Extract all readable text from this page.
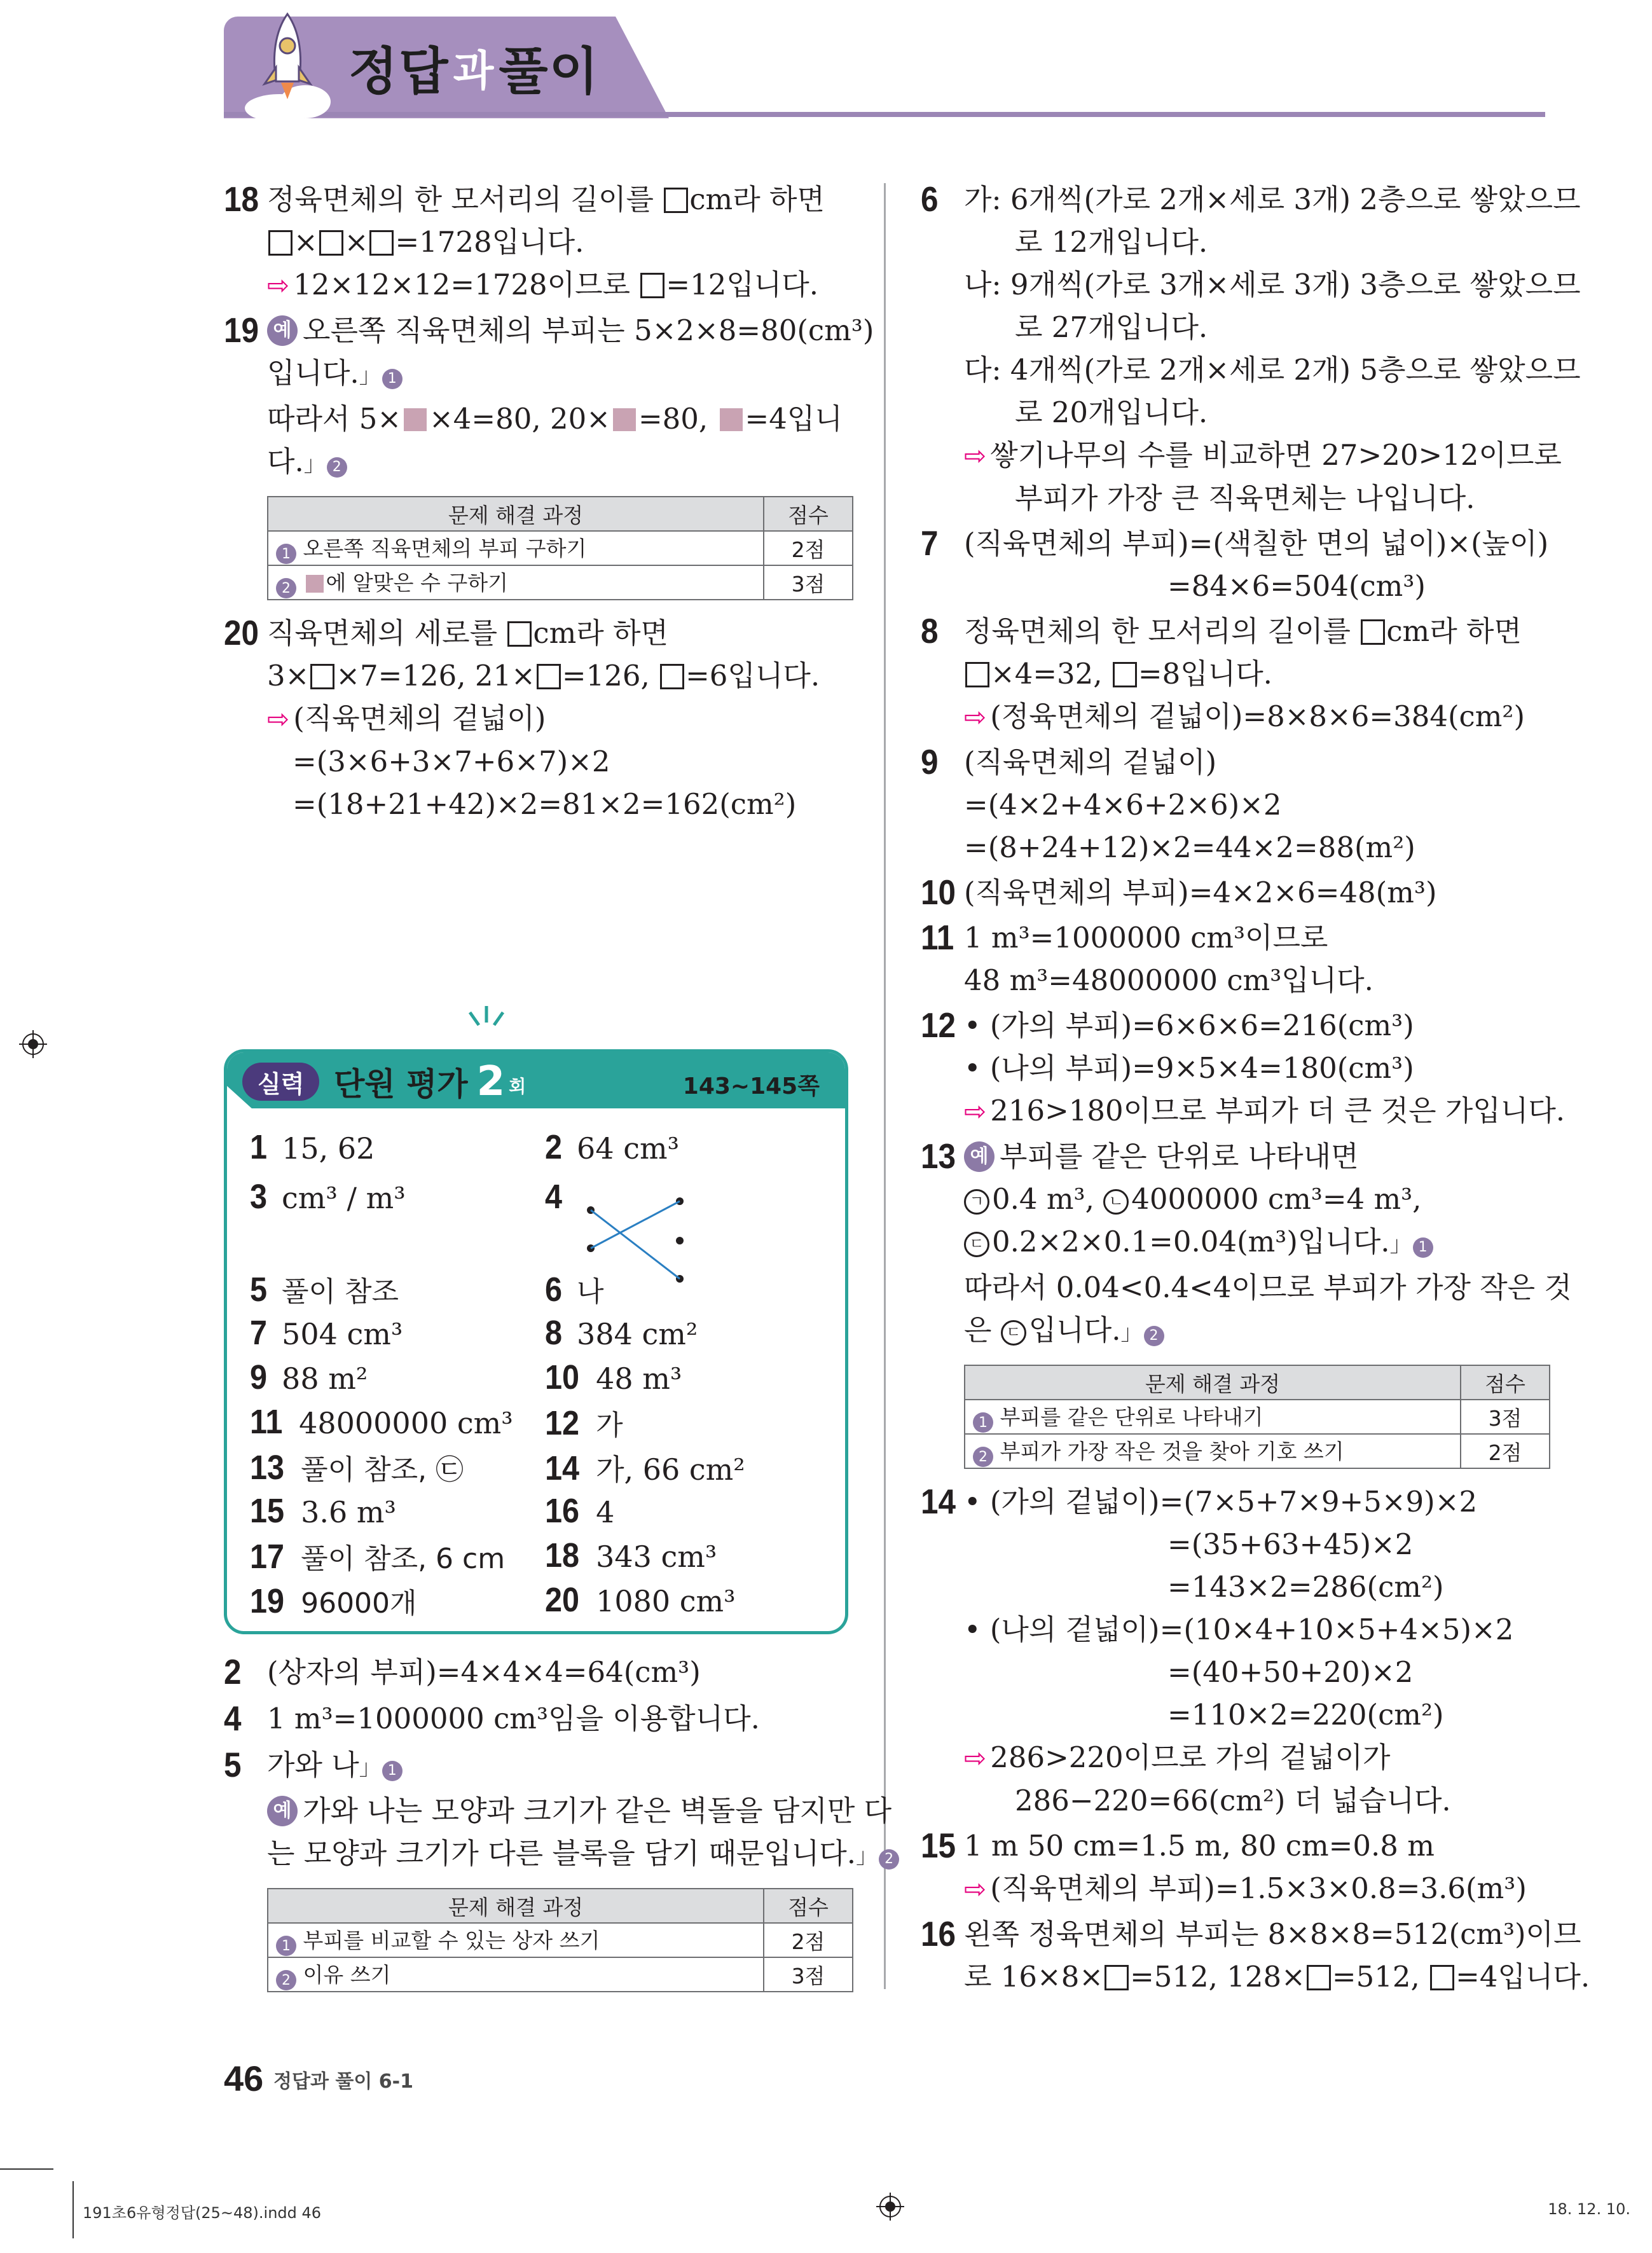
정답 과 풀이
18 정육면체의 한 모서리의 길이를 cm라 하면
× × =1728입니다.
⇨ 12×12×12=1728이므로 =12입니다.
19 예 오른쪽 직육면체의 부피는 5×2×8=80(cm³)
입니다.」 1
따라서 5× ×4=80, 20× =80, =4입니
다.」 2
문제 해결 과정	점수
1 오른쪽 직육면체의 부피 구하기	2점
2 에 알맞은 수 구하기	3점
20 직육면체의 세로를 cm라 하면
3× ×7=126, 21× =126, =6입니다.
⇨ (직육면체의 겉넓이)
=(3×6+3×7+6×7)×2
=(18+21+42)×2=81×2=162(cm²)
실력 단원 평가 2 회	143~145쪽
1 15, 62	2 64 cm³
3 cm³ / m³	4
5 풀이 참조	6 나
7 504 cm³	8 384 cm²
9 88 m²	10 48 m³
11 48000000 cm³ 12 가
13 풀이 참조, ㉢ 14 가, 66 cm²
15 3.6 m³	16 4
17 풀이 참조, 6 cm 18 343 cm³
19 96000개	20 1080 cm³
2 (상자의 부피)=4×4×4=64(cm³)
4 1 m³=1000000 cm³임을 이용합니다.
5 가와 나」 1
예 가와 나는 모양과 크기가 같은 벽돌을 담지만 다
는 모양과 크기가 다른 블록을 담기 때문입니다.」 2
문제 해결 과정	점수
1 부피를 비교할 수 있는 상자 쓰기	2점
2 이유 쓰기	3점
6 가: 6개씩(가로 2개×세로 3개) 2층으로 쌓았으므
로 12개입니다.
나: 9개씩(가로 3개×세로 3개) 3층으로 쌓았으므
로 27개입니다.
다: 4개씩(가로 2개×세로 2개) 5층으로 쌓았으므
로 20개입니다.
⇨ 쌓기나무의 수를 비교하면 27>20>12이므로
부피가 가장 큰 직육면체는 나입니다.
7 (직육면체의 부피)=(색칠한 면의 넓이)×(높이)
=84×6=504(cm³)
8 정육면체의 한 모서리의 길이를 cm라 하면
×4=32, =8입니다.
⇨ (정육면체의 겉넓이)=8×8×6=384(cm²)
9 (직육면체의 겉넓이)
=(4×2+4×6+2×6)×2
=(8+24+12)×2=44×2=88(m²)
10 (직육면체의 부피)=4×2×6=48(m³)
11 1 m³=1000000 cm³이므로
48 m³=48000000 cm³입니다.
12 • (가의 부피)=6×6×6=216(cm³)
• (나의 부피)=9×5×4=180(cm³)
⇨ 216>180이므로 부피가 더 큰 것은 가입니다.
13 예 부피를 같은 단위로 나타내면
ㄱ 0.4 m³, ㄴ 4000000 cm³=4 m³,
ㄷ 0.2×2×0.1=0.04(m³)입니다.」 1
따라서 0.04<0.4<4이므로 부피가 가장 작은 것
은 ㄷ 입니다.」 2
문제 해결 과정	점수
1 부피를 같은 단위로 나타내기	3점
2 부피가 가장 작은 것을 찾아 기호 쓰기	2점
14 • (가의 겉넓이)=(7×5+7×9+5×9)×2
=(35+63+45)×2
=143×2=286(cm²)
• (나의 겉넓이)=(10×4+10×5+4×5)×2
=(40+50+20)×2
=110×2=220(cm²)
⇨ 286>220이므로 가의 겉넓이가
286−220=66(cm²) 더 넓습니다.
15 1 m 50 cm=1.5 m, 80 cm=0.8 m
⇨ (직육면체의 부피)=1.5×3×0.8=3.6(m³)
16 왼쪽 정육면체의 부피는 8×8×8=512(cm³)이므
로 16×8× =512, 128× =512, =4입니다.
46 정답과 풀이 6-1
191초6유형정답(25~48).indd 46	18. 12. 10.
